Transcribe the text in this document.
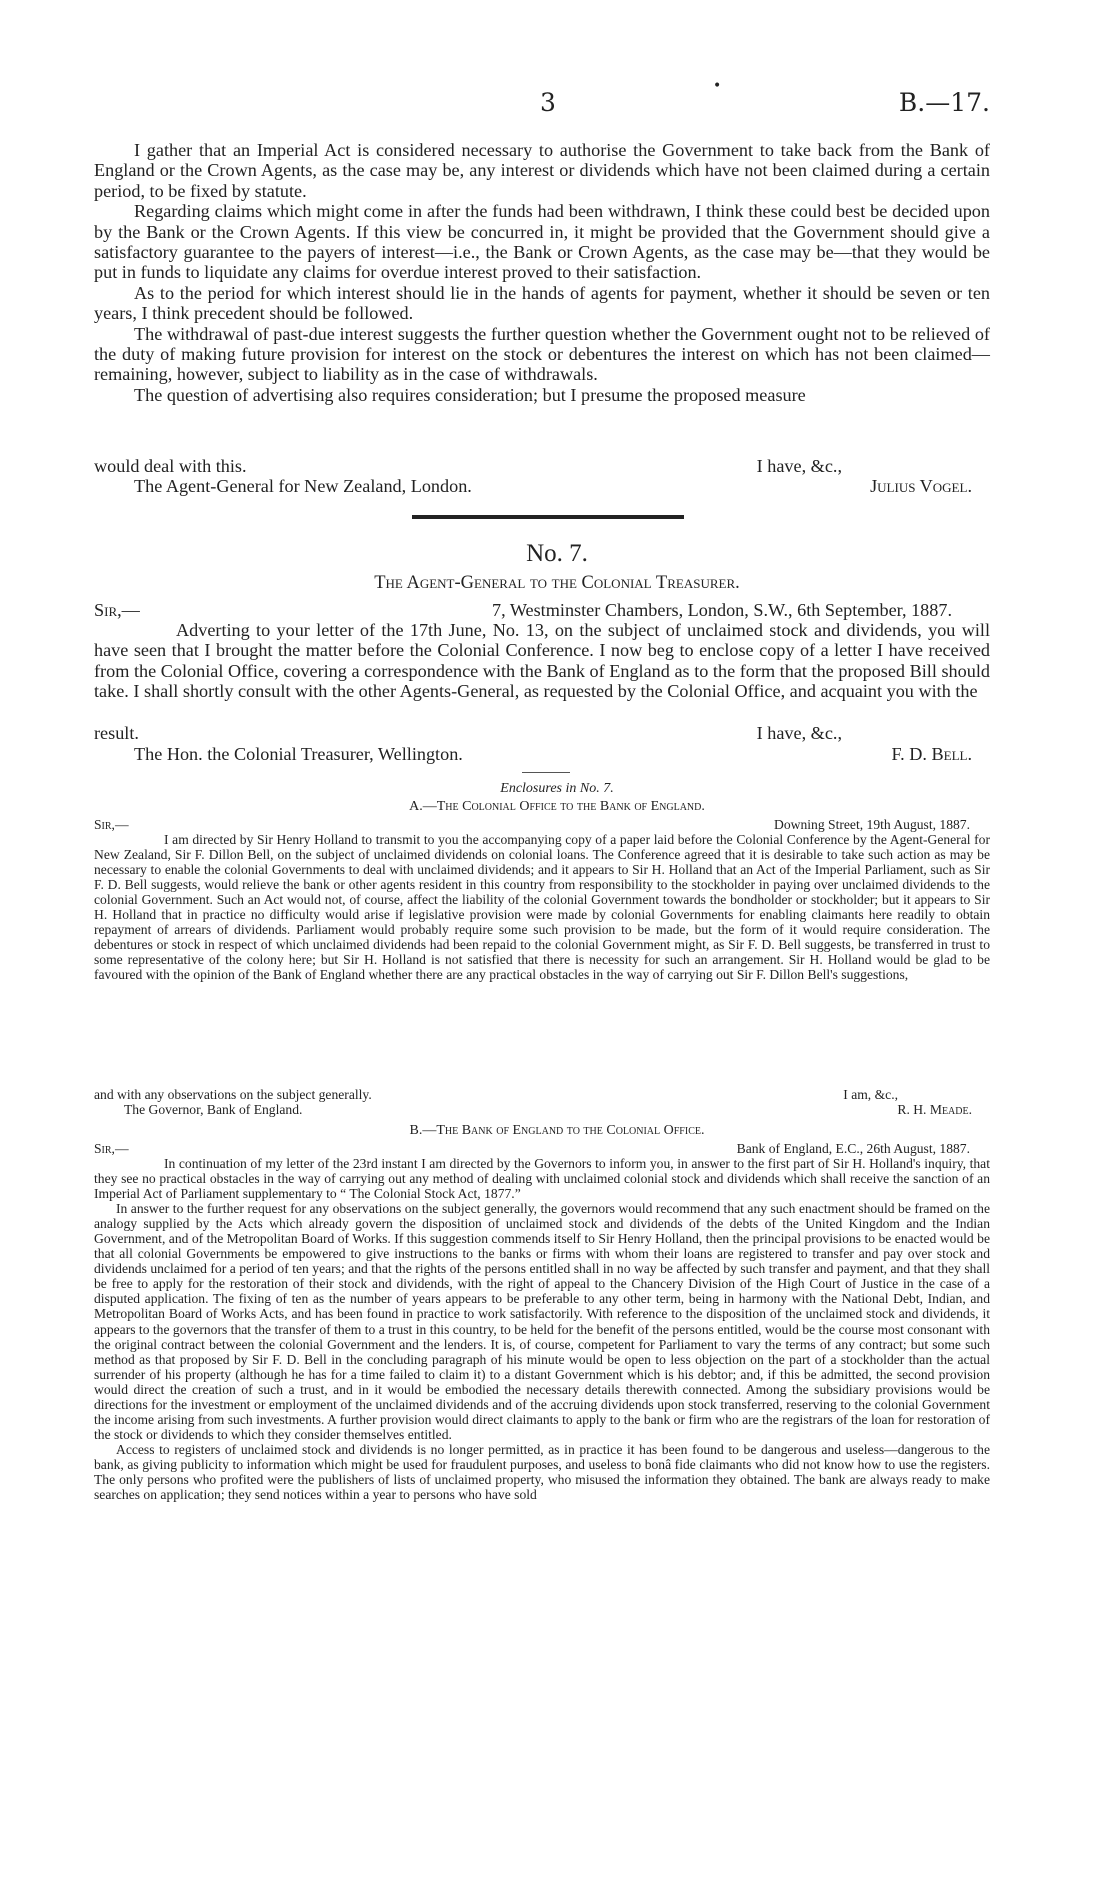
3
•
B.—17.

I gather that an Imperial Act is considered necessary to authorise the Government to take back from the Bank of England or the Crown Agents, as the case may be, any interest or dividends which have not been claimed during a certain period, to be fixed by statute.

Regarding claims which might come in after the funds had been withdrawn, I think these could best be decided upon by the Bank or the Crown Agents. If this view be concurred in, it might be provided that the Government should give a satisfactory guarantee to the payers of interest—i.e., the Bank or Crown Agents, as the case may be—that they would be put in funds to liquidate any claims for overdue interest proved to their satisfaction.

As to the period for which interest should lie in the hands of agents for payment, whether it should be seven or ten years, I think precedent should be followed.

The withdrawal of past-due interest suggests the further question whether the Government ought not to be relieved of the duty of making future provision for interest on the stock or debentures the interest on which has not been claimed—remaining, however, subject to liability as in the case of withdrawals.

The question of advertising also requires consideration; but I presume the proposed measure

would deal with this.	I have, &c.,
The Agent-General for New Zealand, London.	Julius Vogel.
No. 7.
The Agent-General to the Colonial Treasurer.
Sir,—	7, Westminster Chambers, London, S.W., 6th September, 1887.

Adverting to your letter of the 17th June, No. 13, on the subject of unclaimed stock and dividends, you will have seen that I brought the matter before the Colonial Conference. I now beg to enclose copy of a letter I have received from the Colonial Office, covering a correspondence with the Bank of England as to the form that the proposed Bill should take. I shall shortly consult with the other Agents-General, as requested by the Colonial Office, and acquaint you with the

result.	I have, &c.,
The Hon. the Colonial Treasurer, Wellington.	F. D. Bell.
Enclosures in No. 7.
A.—The Colonial Office to the Bank of England.
Sir,—	Downing Street, 19th August, 1887.

I am directed by Sir Henry Holland to transmit to you the accompanying copy of a paper laid before the Colonial Conference by the Agent-General for New Zealand, Sir F. Dillon Bell, on the subject of unclaimed dividends on colonial loans. The Conference agreed that it is desirable to take such action as may be necessary to enable the colonial Governments to deal with unclaimed dividends; and it appears to Sir H. Holland that an Act of the Imperial Parliament, such as Sir F. D. Bell suggests, would relieve the bank or other agents resident in this country from responsibility to the stockholder in paying over unclaimed dividends to the colonial Government. Such an Act would not, of course, affect the liability of the colonial Government towards the bondholder or stockholder; but it appears to Sir H. Holland that in practice no difficulty would arise if legislative provision were made by colonial Governments for enabling claimants here readily to obtain repayment of arrears of dividends. Parliament would probably require some such provision to be made, but the form of it would require consideration. The debentures or stock in respect of which unclaimed dividends had been repaid to the colonial Government might, as Sir F. D. Bell suggests, be transferred in trust to some representative of the colony here; but Sir H. Holland is not satisfied that there is necessity for such an arrangement. Sir H. Holland would be glad to be favoured with the opinion of the Bank of England whether there are any practical obstacles in the way of carrying out Sir F. Dillon Bell's suggestions,

and with any observations on the subject generally.	I am, &c.,
The Governor, Bank of England.	R. H. Meade.
B.—The Bank of England to the Colonial Office.
Sir,—	Bank of England, E.C., 26th August, 1887.

In continuation of my letter of the 23rd instant I am directed by the Governors to inform you, in answer to the first part of Sir H. Holland's inquiry, that they see no practical obstacles in the way of carrying out any method of dealing with unclaimed colonial stock and dividends which shall receive the sanction of an Imperial Act of Parliament supplementary to “ The Colonial Stock Act, 1877.”

In answer to the further request for any observations on the subject generally, the governors would recommend that any such enactment should be framed on the analogy supplied by the Acts which already govern the disposition of unclaimed stock and dividends of the debts of the United Kingdom and the Indian Government, and of the Metropolitan Board of Works. If this suggestion commends itself to Sir Henry Holland, then the principal provisions to be enacted would be that all colonial Governments be empowered to give instructions to the banks or firms with whom their loans are registered to transfer and pay over stock and dividends unclaimed for a period of ten years; and that the rights of the persons entitled shall in no way be affected by such transfer and payment, and that they shall be free to apply for the restoration of their stock and dividends, with the right of appeal to the Chancery Division of the High Court of Justice in the case of a disputed application. The fixing of ten as the number of years appears to be preferable to any other term, being in harmony with the National Debt, Indian, and Metropolitan Board of Works Acts, and has been found in practice to work satisfactorily. With reference to the disposition of the unclaimed stock and dividends, it appears to the governors that the transfer of them to a trust in this country, to be held for the benefit of the persons entitled, would be the course most consonant with the original contract between the colonial Government and the lenders. It is, of course, competent for Parliament to vary the terms of any contract; but some such method as that proposed by Sir F. D. Bell in the concluding paragraph of his minute would be open to less objection on the part of a stockholder than the actual surrender of his property (although he has for a time failed to claim it) to a distant Government which is his debtor; and, if this be admitted, the second provision would direct the creation of such a trust, and in it would be embodied the necessary details therewith connected. Among the subsidiary provisions would be directions for the investment or employment of the unclaimed dividends and of the accruing dividends upon stock transferred, reserving to the colonial Government the income arising from such investments. A further provision would direct claimants to apply to the bank or firm who are the registrars of the loan for restoration of the stock or dividends to which they consider themselves entitled.

Access to registers of unclaimed stock and dividends is no longer permitted, as in practice it has been found to be dangerous and useless—dangerous to the bank, as giving publicity to information which might be used for fraudulent purposes, and useless to bonâ fide claimants who did not know how to use the registers. The only persons who profited were the publishers of lists of unclaimed property, who misused the information they obtained. The bank are always ready to make searches on application; they send notices within a year to persons who have sold
